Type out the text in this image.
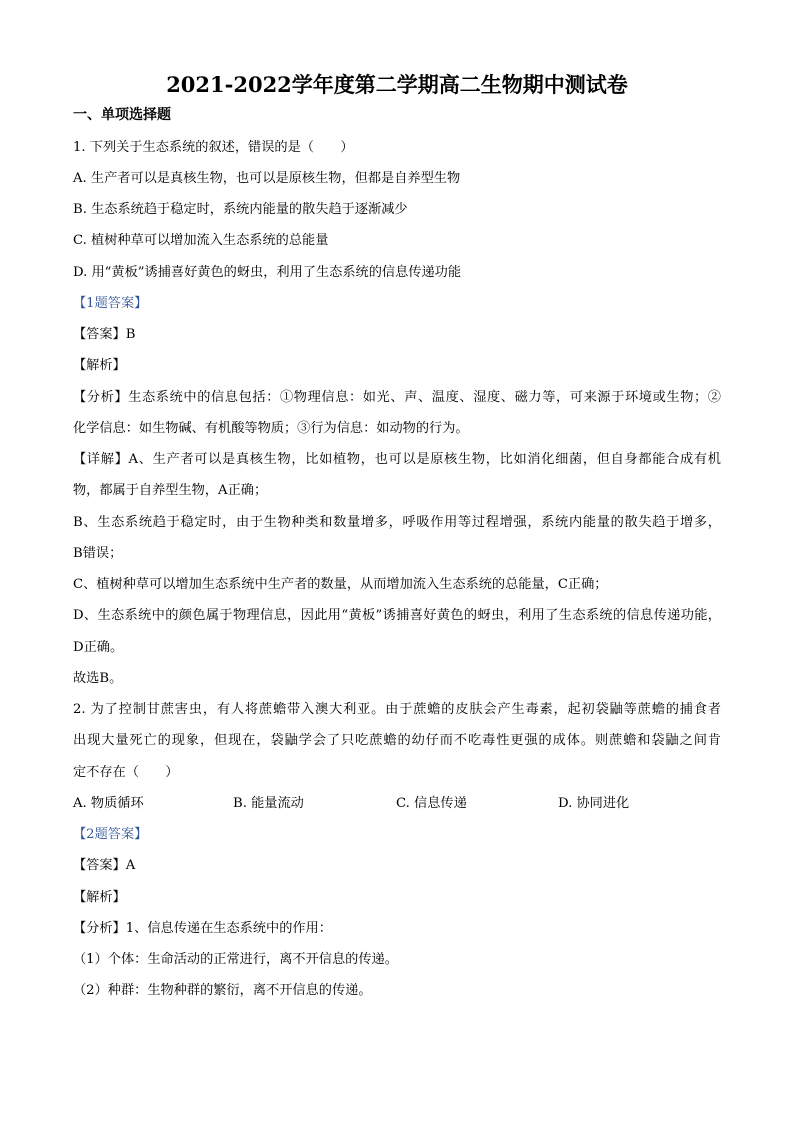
2021-2022学年度第二学期高二生物期中测试卷
一、单项选择题
1. 下列关于生态系统的叙述，错误的是（　　）
A. 生产者可以是真核生物，也可以是原核生物，但都是自养型生物
B. 生态系统趋于稳定时，系统内能量的散失趋于逐渐减少
C. 植树种草可以增加流入生态系统的总能量
D. 用“黄板”诱捕喜好黄色的蚜虫，利用了生态系统的信息传递功能
【1题答案】
【答案】B
【解析】
【分析】生态系统中的信息包括：①物理信息：如光、声、温度、湿度、磁力等，可来源于环境或生物；②
化学信息：如生物碱、有机酸等物质；③行为信息：如动物的行为。
【详解】A、生产者可以是真核生物，比如植物，也可以是原核生物，比如消化细菌，但自身都能合成有机
物，都属于自养型生物，A正确；
B、生态系统趋于稳定时，由于生物种类和数量增多，呼吸作用等过程增强，系统内能量的散失趋于增多，
B错误；
C、植树种草可以增加生态系统中生产者的数量，从而增加流入生态系统的总能量，C正确；
D、生态系统中的颜色属于物理信息，因此用“黄板”诱捕喜好黄色的蚜虫，利用了生态系统的信息传递功能，
D正确。
故选B。
2. 为了控制甘蔗害虫，有人将蔗蟾带入澳大利亚。由于蔗蟾的皮肤会产生毒素，起初袋鼬等蔗蟾的捕食者
出现大量死亡的现象，但现在，袋鼬学会了只吃蔗蟾的幼仔而不吃毒性更强的成体。则蔗蟾和袋鼬之间肯
定不存在（　　）
A. 物质循环	B. 能量流动	C. 信息传递	D. 协同进化
【2题答案】
【答案】A
【解析】
【分析】1、信息传递在生态系统中的作用：
（1）个体：生命活动的正常进行，离不开信息的传递。
（2）种群：生物种群的繁衍，离不开信息的传递。
